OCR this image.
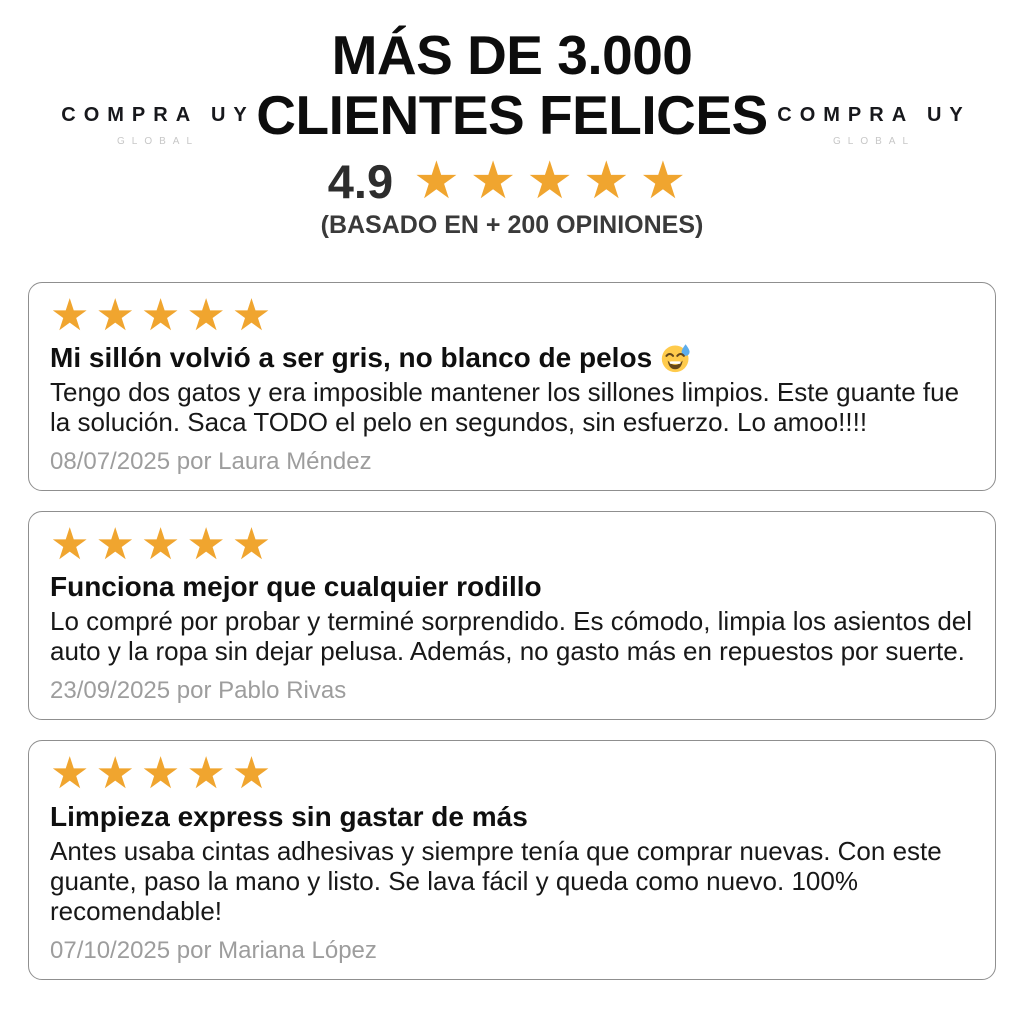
COMPRA UY
GLOBAL
COMPRA UY
GLOBAL
MÁS DE 3.000
CLIENTES FELICES
4.9 ★★★★★
(BASADO EN + 200 OPINIONES)
★★★★★
Mi sillón volvió a ser gris, no blanco de pelos

Tengo dos gatos y era imposible mantener los sillones limpios. Este guante fue la solución. Saca TODO el pelo en segundos, sin esfuerzo. Lo amoo!!!!

08/07/2025 por Laura Méndez
★★★★★
Funciona mejor que cualquier rodillo

Lo compré por probar y terminé sorprendido. Es cómodo, limpia los asientos del auto y la ropa sin dejar pelusa. Además, no gasto más en repuestos por suerte.

23/09/2025 por Pablo Rivas
★★★★★
Limpieza express sin gastar de más

Antes usaba cintas adhesivas y siempre tenía que comprar nuevas. Con este guante, paso la mano y listo. Se lava fácil y queda como nuevo. 100% recomendable!

07/10/2025 por Mariana López
